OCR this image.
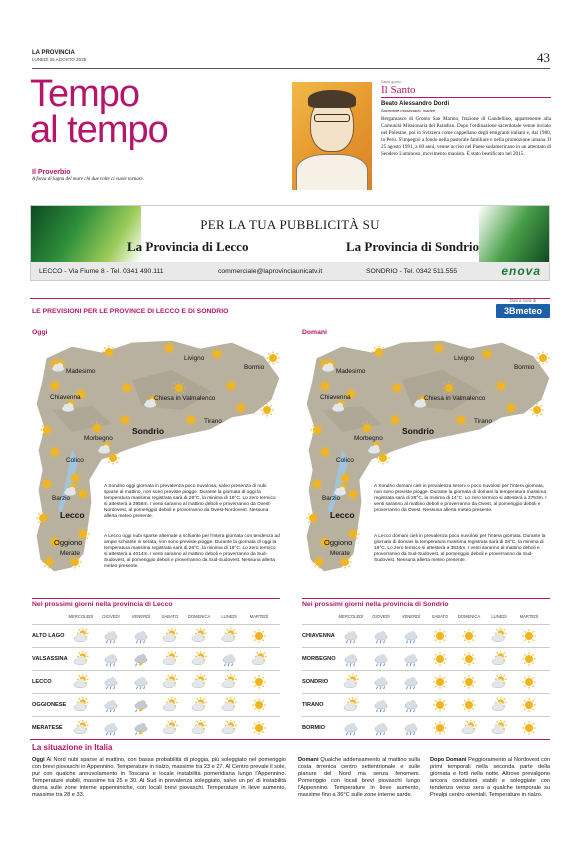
LA PROVINCIA
LUNEDÌ 25 AGOSTO 2025	43
Tempo
al tempo
Il Proverbio
A forza di lagna del mare chi due volte ci vuole tornare.
Santa giorno
Il Santo
Beato Alessandro Dordi
Sacerdote missionario, martire
Bergamasco di Gromo San Marino, frazione di Gandellino, appartenente alla Comunità Missionaria del Paradiso. Dopo l'ordinazione sacerdotale venne inviato nel Polesine, poi in Svizzera come cappellano degli emigranti italiani e, dal 1980, in Perù. S'impegnò a fondo nella pastorale familiare e nella promozione umana. Il 25 agosto 1991, a 60 anni, venne ucciso nel Paese sudamericano in un attentato di Sendero Luminoso, movimento maoista. È stato beatificato nel 2015.
PER LA TUA PUBBLICITÀ SU
La Provincia di Lecco	La Provincia di Sondrio
LECCO - Via Fiume 8 - Tel. 0341 490.111	commerciale@laprovinciaunicatv.it	SONDRIO - Tel. 0342 511.555	enova
LE PREVISIONI PER LE PROVINCE DI LECCO E DI SONDRIO
Dati a cura di
3Bmeteo
Oggi
Madesimo
Chiavenna
Livigno
Bormio
Chiesa in Valmalenco
Tirano
Sondrio
Morbegno
Colico
Barzio
Lecco
Oggiono
Merate
A Sondrio oggi giornata in prevalenza poco nuvolosa, salvo presenza di nubi sparse al mattino, non sono previste piogge. Durante la giornata di oggi la temperatura massima registrata sarà di 28°C, la minima di 16°C. Lo zero termico si attesterà a 3956m. I venti saranno al mattino deboli e proverranno da Ovest-Nordovest, al pomeriggio deboli e proverranno da Ovest-Nordovest. Nessuna allerta meteo presente.
A Lecco oggi nubi sparse alternate a schiarite per l'intera giornata con tendenza ad ampie schiarite in serata, non sono previste piogge. Durante la giornata di oggi la temperatura massima registrata sarà di 26°C, la minima di 18°C. Lo zero termico si attesterà a 4014m. I venti saranno al mattino deboli e proverranno da Sud-Sudovest, al pomeriggio deboli e proverranno da Sud-Sudovest. Nessuna allerta meteo presente.
Domani
Madesimo
Chiavenna
Livigno
Bormio
Chiesa in Valmalenco
Tirano
Sondrio
Morbegno
Colico
Barzio
Lecco
Oggiono
Merate
A Sondrio domani cieli in prevalenza sereni o poco nuvolosi per l'intera giornata, non sono previste piogge. Durante la giornata di domani la temperatura massima registrata sarà di 28°C, la minima di 14°C. Lo zero termico si attesterà a 3753m. I venti saranno al mattino deboli e proverranno da Ovest, al pomeriggio deboli e proverranno da Ovest. Nessuna allerta meteo presente.
A Lecco domani cieli in prevalenza poco nuvolosi per l'intera giornata. Durante la giornata di domani la temperatura massima registrata sarà di 28°C, la minima di 18°C. Lo zero termico si attesterà a 3834m. I venti saranno al mattino deboli e proverranno da Sud-Sudovest, al pomeriggio deboli e proverranno da Sud-Sudovest. Nessuna allerta meteo presente.
Nei prossimi giorni nella provincia di Lecco
MERCOLEDÌ	GIOVEDÌ	VENERDÌ	SABATO	DOMENICA	LUNEDÌ	MARTEDÌ
ALTO LAGO
VALSASSINA
LECCO
OGGIONESE
MERATESE
Nei prossimi giorni nella provincia di Sondrio
MERCOLEDÌ	GIOVEDÌ	VENERDÌ	SABATO	DOMENICA	LUNEDÌ	MARTEDÌ
CHIAVENNA
MORBEGNO
SONDRIO
TIRANO
BORMIO
La situazione in Italia
Oggi Al Nord nubi sparse al mattino, con bassa probabilità di pioggia, più soleggiato nel pomeriggio con brevi piovaschi in Appennino. Temperature in rialzo, massime tra 23 e 27. Al Centro prevale il sole, pur con qualche annuvolamento in Toscana e locale instabilità pomeridiana lungo l'Appennino. Temperature stabili, massime tra 25 e 30. Al Sud in prevalenza soleggiato, salvo un po' di instabilità diurna sulle zone interne appenniniche, con locali brevi piovaschi. Temperature in lieve aumento, massime tra 28 e 33.
Domani Qualche addensamento al mattino sulla costa tirrenica centro settentrionale e sulle pianure del Nord ma senza fenomeni. Pomeriggio con locali brevi piovaschi lungo l'Appennino. Temperature in lieve aumento, massime fino a 36°C sulle zone interne sarde.
Dopo Domani Peggioramento al Nordovest con primi temporali nella seconda parte della giornata e forti nella notte. Altrove prevalgono ancora condizioni stabili e soleggiate con tendenza verso sera a qualche temporale su Prealpi centro orientali. Temperature in rialzo.
